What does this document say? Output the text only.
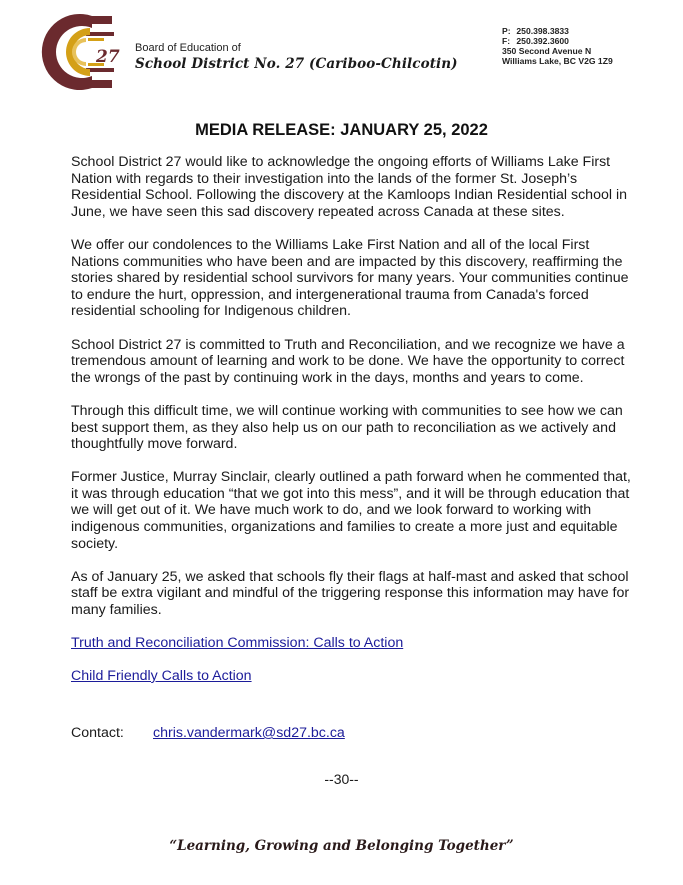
27 Board of Education of
School District No. 27 (Cariboo-Chilcotin)
P: 250.398.3833
F: 250.392.3600
350 Second Avenue N
Williams Lake, BC V2G 1Z9
MEDIA RELEASE: JANUARY 25, 2022

School District 27 would like to acknowledge the ongoing efforts of Williams Lake First Nation with regards to their investigation into the lands of the former St. Joseph’s Residential School. Following the discovery at the Kamloops Indian Residential school in June, we have seen this sad discovery repeated across Canada at these sites.

We offer our condolences to the Williams Lake First Nation and all of the local First Nations communities who have been and are impacted by this discovery, reaffirming the stories shared by residential school survivors for many years. Your communities continue to endure the hurt, oppression, and intergenerational trauma from Canada's forced residential schooling for Indigenous children.

School District 27 is committed to Truth and Reconciliation, and we recognize we have a tremendous amount of learning and work to be done. We have the opportunity to correct the wrongs of the past by continuing work in the days, months and years to come.

Through this difficult time, we will continue working with communities to see how we can best support them, as they also help us on our path to reconciliation as we actively and thoughtfully move forward.

Former Justice, Murray Sinclair, clearly outlined a path forward when he commented that, it was through education “that we got into this mess”, and it will be through education that we will get out of it. We have much work to do, and we look forward to working with indigenous communities, organizations and families to create a more just and equitable society.

As of January 25, we asked that schools fly their flags at half-mast and asked that school staff be extra vigilant and mindful of the triggering response this information may have for many families.

Truth and Reconciliation Commission: Calls to Action

Child Friendly Calls to Action

Contact: chris.vandermark@sd27.bc.ca
--30--
“Learning, Growing and Belonging Together”
